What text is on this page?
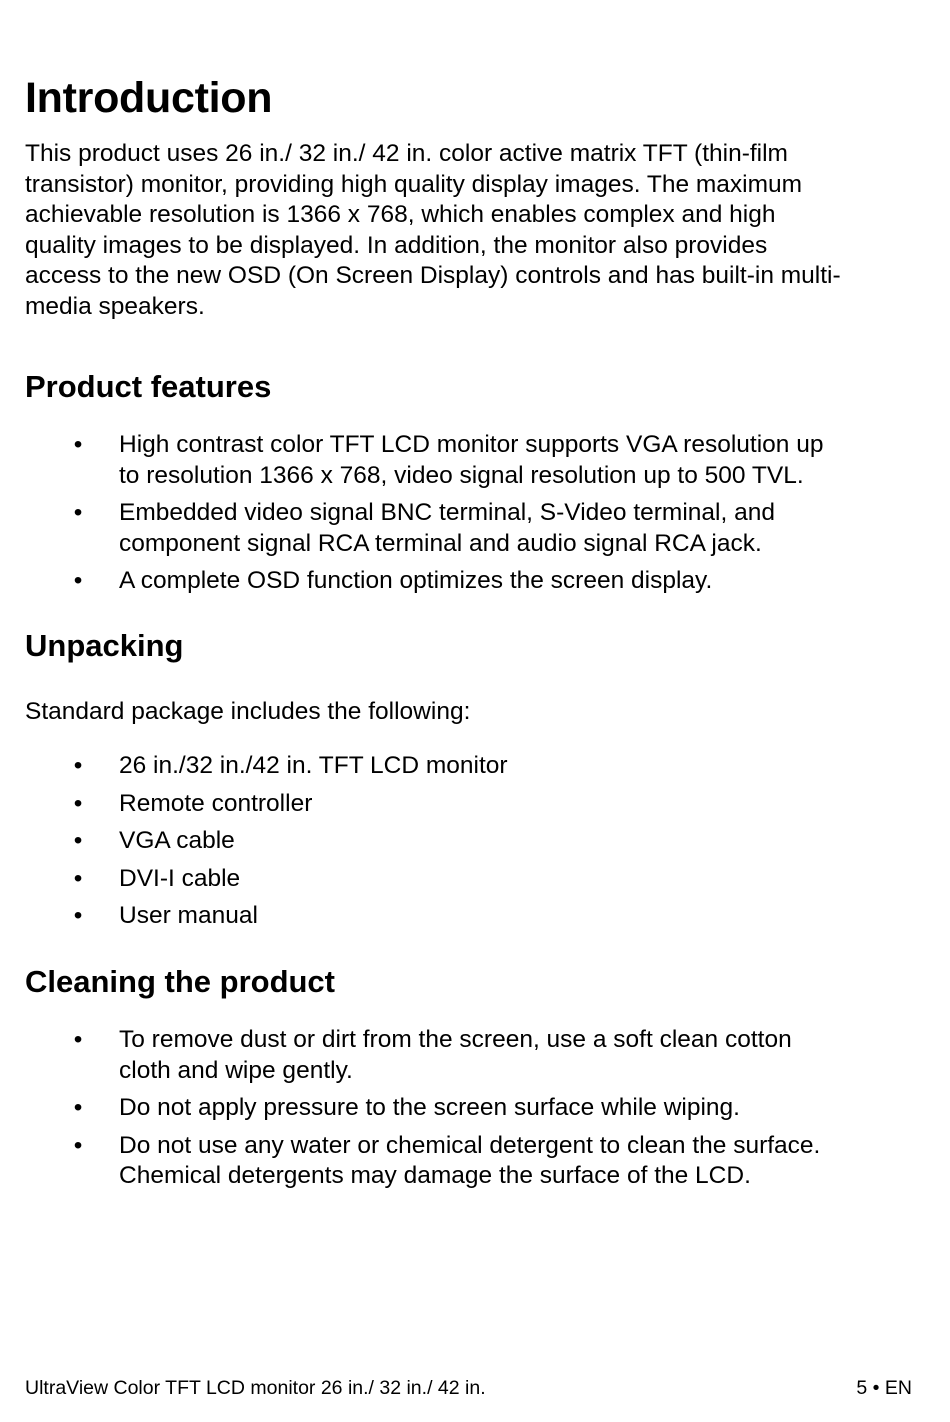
Introduction
This product uses 26 in./ 32 in./ 42 in. color active matrix TFT (thin-film
transistor) monitor, providing high quality display images. The maximum
achievable resolution is 1366 x 768, which enables complex and high
quality images to be displayed. In addition, the monitor also provides
access to the new OSD (On Screen Display) controls and has built-in multi-
media speakers.
Product features
• High contrast color TFT LCD monitor supports VGA resolution up
to resolution 1366 x 768, video signal resolution up to 500 TVL.
• Embedded video signal BNC terminal, S-Video terminal, and
component signal RCA terminal and audio signal RCA jack.
• A complete OSD function optimizes the screen display.
Unpacking

Standard package includes the following:

• 26 in./32 in./42 in. TFT LCD monitor
• Remote controller
• VGA cable
• DVI-I cable
• User manual
Cleaning the product
• To remove dust or dirt from the screen, use a soft clean cotton
cloth and wipe gently.
• Do not apply pressure to the screen surface while wiping.
• Do not use any water or chemical detergent to clean the surface.
Chemical detergents may damage the surface of the LCD.
UltraView Color TFT LCD monitor 26 in./ 32 in./ 42 in.	5 • EN
